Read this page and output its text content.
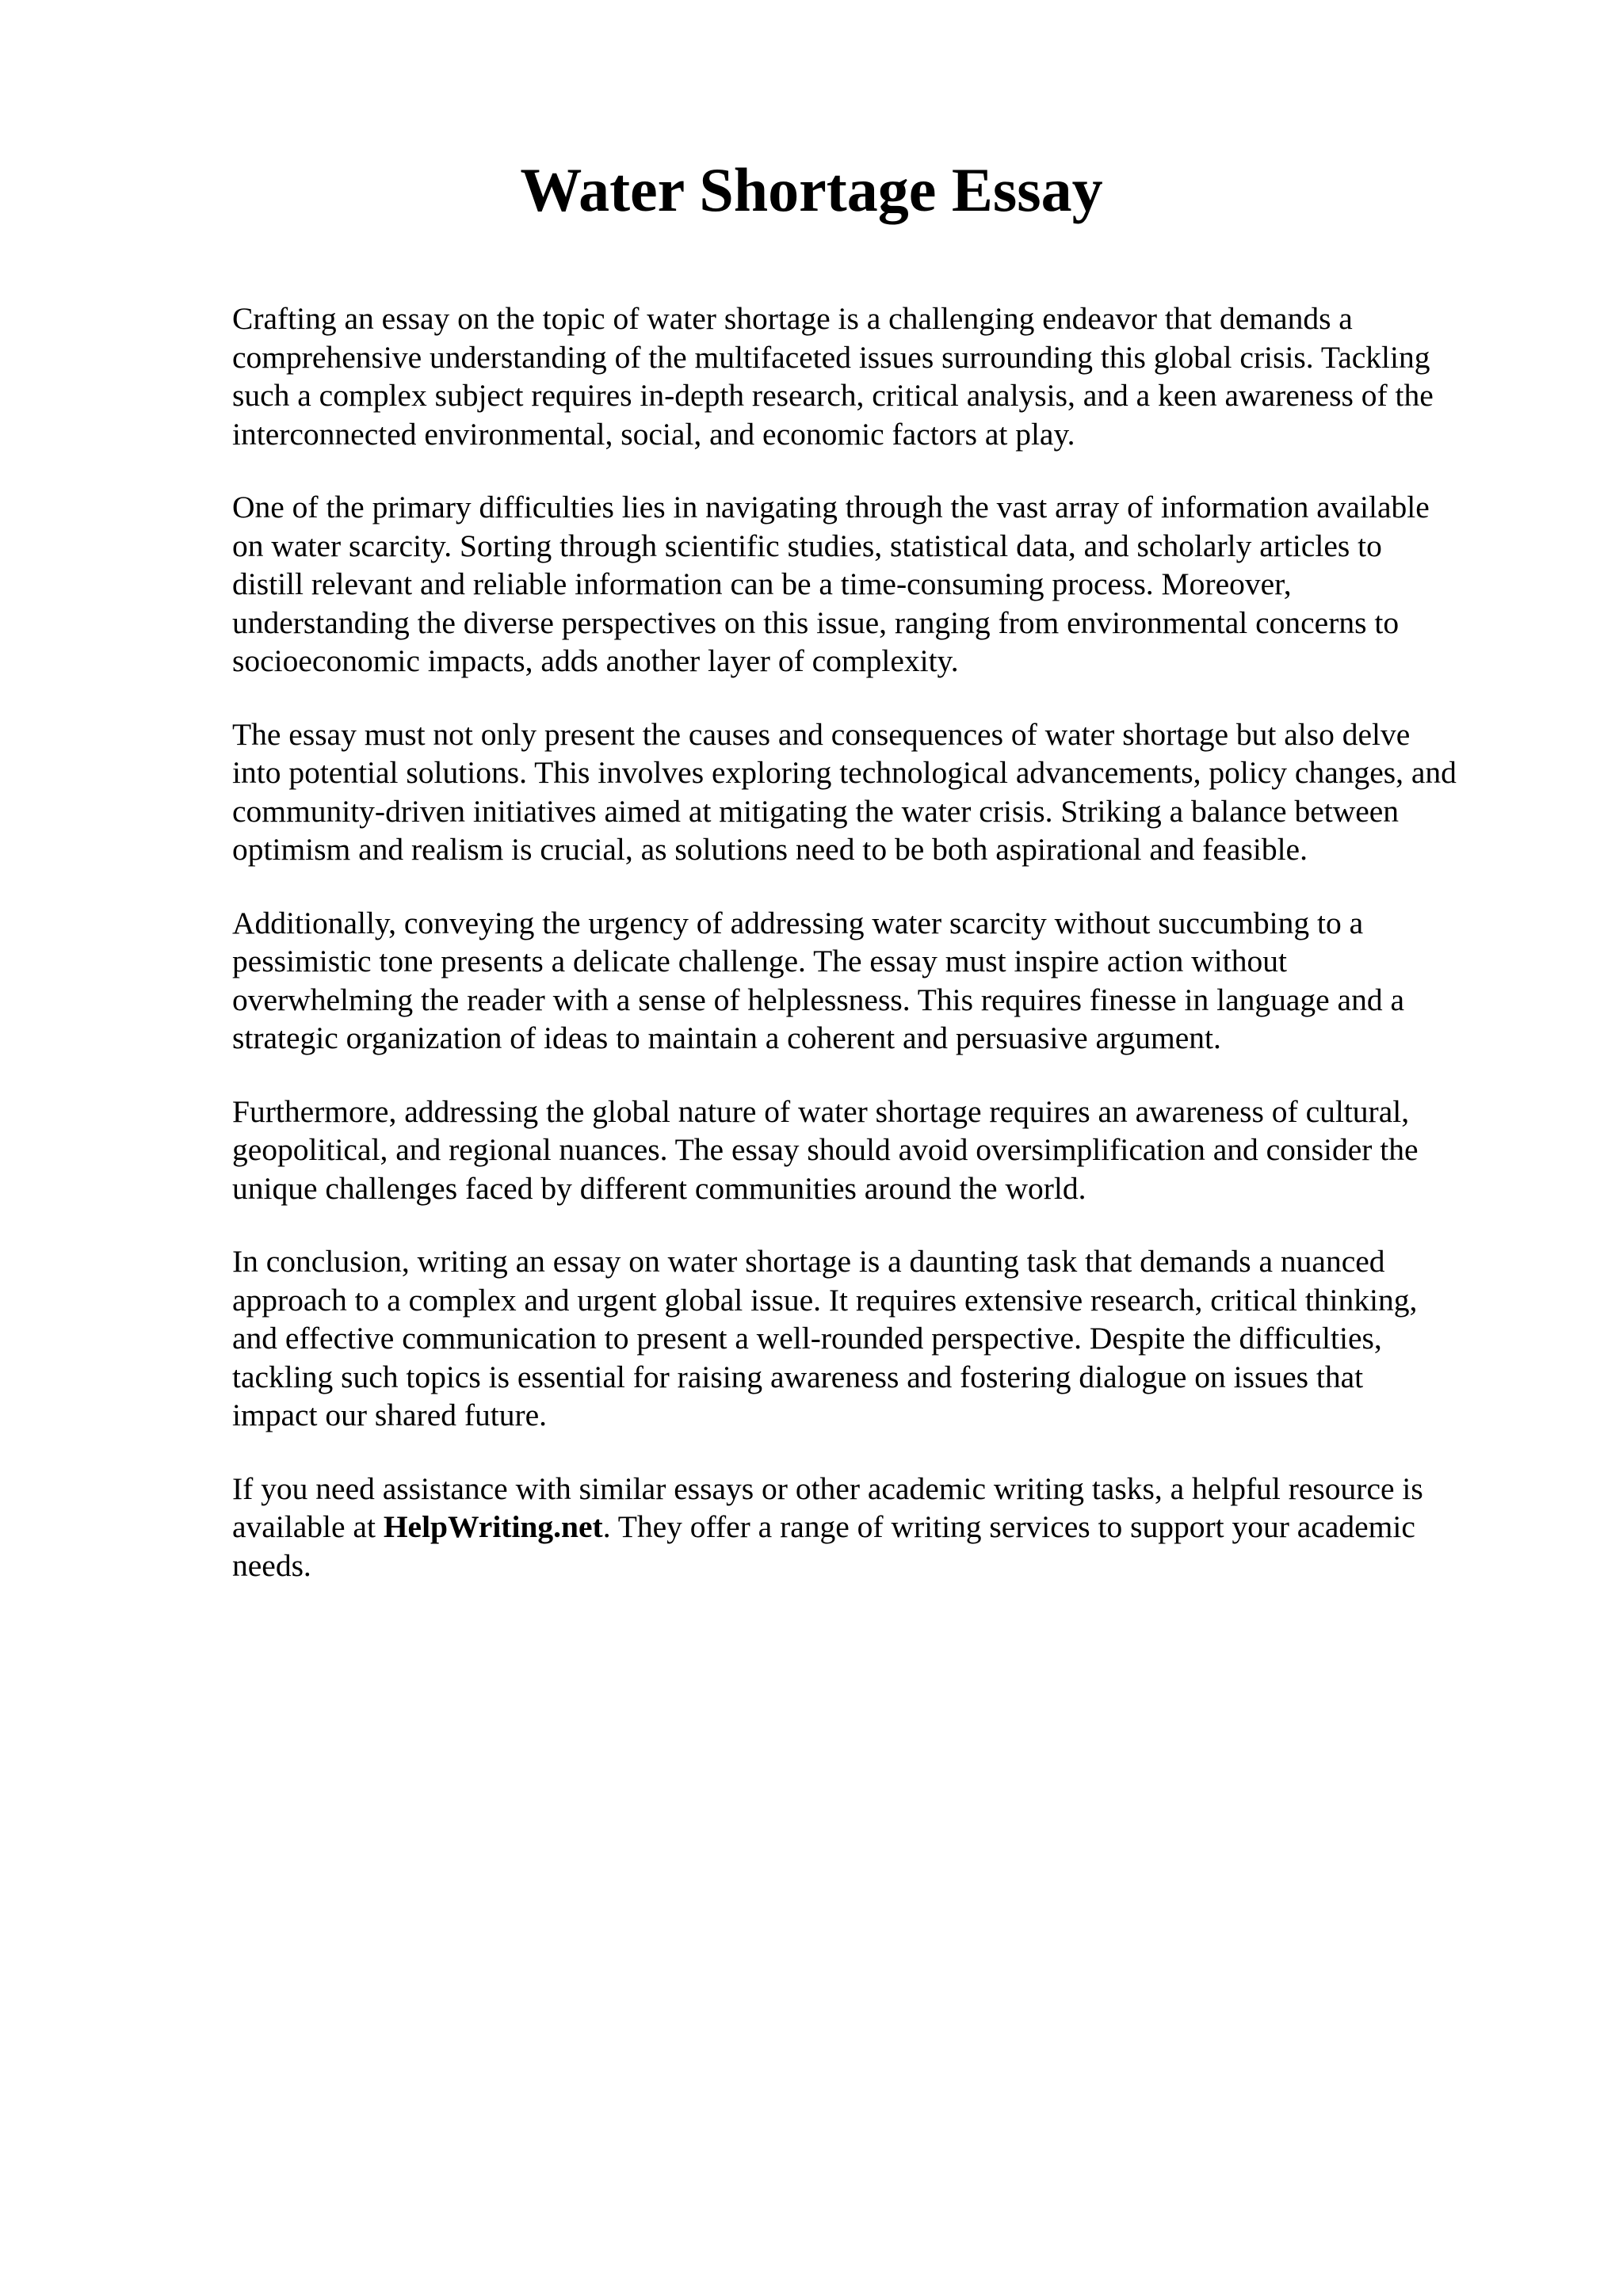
Water Shortage Essay

Crafting an essay on the topic of water shortage is a challenging endeavor that demands a
comprehensive understanding of the multifaceted issues surrounding this global crisis. Tackling
such a complex subject requires in-depth research, critical analysis, and a keen awareness of the
interconnected environmental, social, and economic factors at play.

One of the primary difficulties lies in navigating through the vast array of information available
on water scarcity. Sorting through scientific studies, statistical data, and scholarly articles to
distill relevant and reliable information can be a time-consuming process. Moreover,
understanding the diverse perspectives on this issue, ranging from environmental concerns to
socioeconomic impacts, adds another layer of complexity.

The essay must not only present the causes and consequences of water shortage but also delve
into potential solutions. This involves exploring technological advancements, policy changes, and
community-driven initiatives aimed at mitigating the water crisis. Striking a balance between
optimism and realism is crucial, as solutions need to be both aspirational and feasible.

Additionally, conveying the urgency of addressing water scarcity without succumbing to a
pessimistic tone presents a delicate challenge. The essay must inspire action without
overwhelming the reader with a sense of helplessness. This requires finesse in language and a
strategic organization of ideas to maintain a coherent and persuasive argument.

Furthermore, addressing the global nature of water shortage requires an awareness of cultural,
geopolitical, and regional nuances. The essay should avoid oversimplification and consider the
unique challenges faced by different communities around the world.

In conclusion, writing an essay on water shortage is a daunting task that demands a nuanced
approach to a complex and urgent global issue. It requires extensive research, critical thinking,
and effective communication to present a well-rounded perspective. Despite the difficulties,
tackling such topics is essential for raising awareness and fostering dialogue on issues that
impact our shared future.

If you need assistance with similar essays or other academic writing tasks, a helpful resource is
available at HelpWriting.net. They offer a range of writing services to support your academic
needs.
